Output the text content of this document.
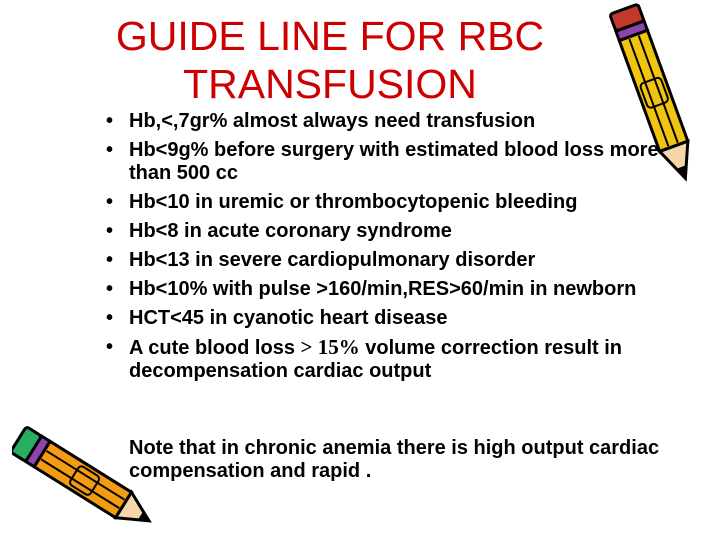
GUIDE LINE FOR RBC
TRANSFUSION
• Hb,<,7gr% almost always need transfusion
• Hb<9g% before surgery with estimated blood loss more than 500 cc
• Hb<10 in uremic or thrombocytopenic bleeding
• Hb<8 in acute coronary syndrome
• Hb<13 in severe cardiopulmonary disorder
• Hb<10% with pulse >160/min,RES>60/min in newborn
• HCT<45 in cyanotic heart disease
• A cute blood loss > 15% volume correction result in decompensation cardiac output

Note that in chronic anemia there is high output cardiac compensation and rapid .
